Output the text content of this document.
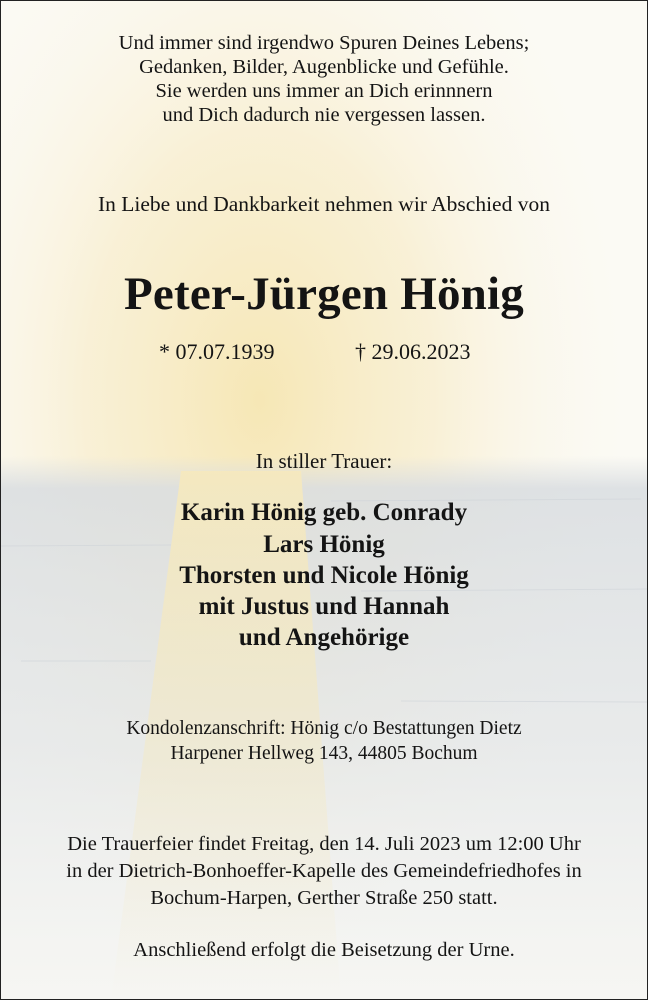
Und immer sind irgendwo Spuren Deines Lebens;
Gedanken, Bilder, Augenblicke und Gefühle.
Sie werden uns immer an Dich erinnnern
und Dich dadurch nie vergessen lassen.
In Liebe und Dankbarkeit nehmen wir Abschied von
Peter-Jürgen Hönig
* 07.07.1939	† 29.06.2023
In stiller Trauer:
Karin Hönig geb. Conrady
Lars Hönig
Thorsten und Nicole Hönig
mit Justus und Hannah
und Angehörige
Kondolenzanschrift: Hönig c/o Bestattungen Dietz
Harpener Hellweg 143, 44805 Bochum
Die Trauerfeier findet Freitag, den 14. Juli 2023 um 12:00 Uhr
in der Dietrich-Bonhoeffer-Kapelle des Gemeindefriedhofes in
Bochum-Harpen, Gerther Straße 250 statt.
Anschließend erfolgt die Beisetzung der Urne.
